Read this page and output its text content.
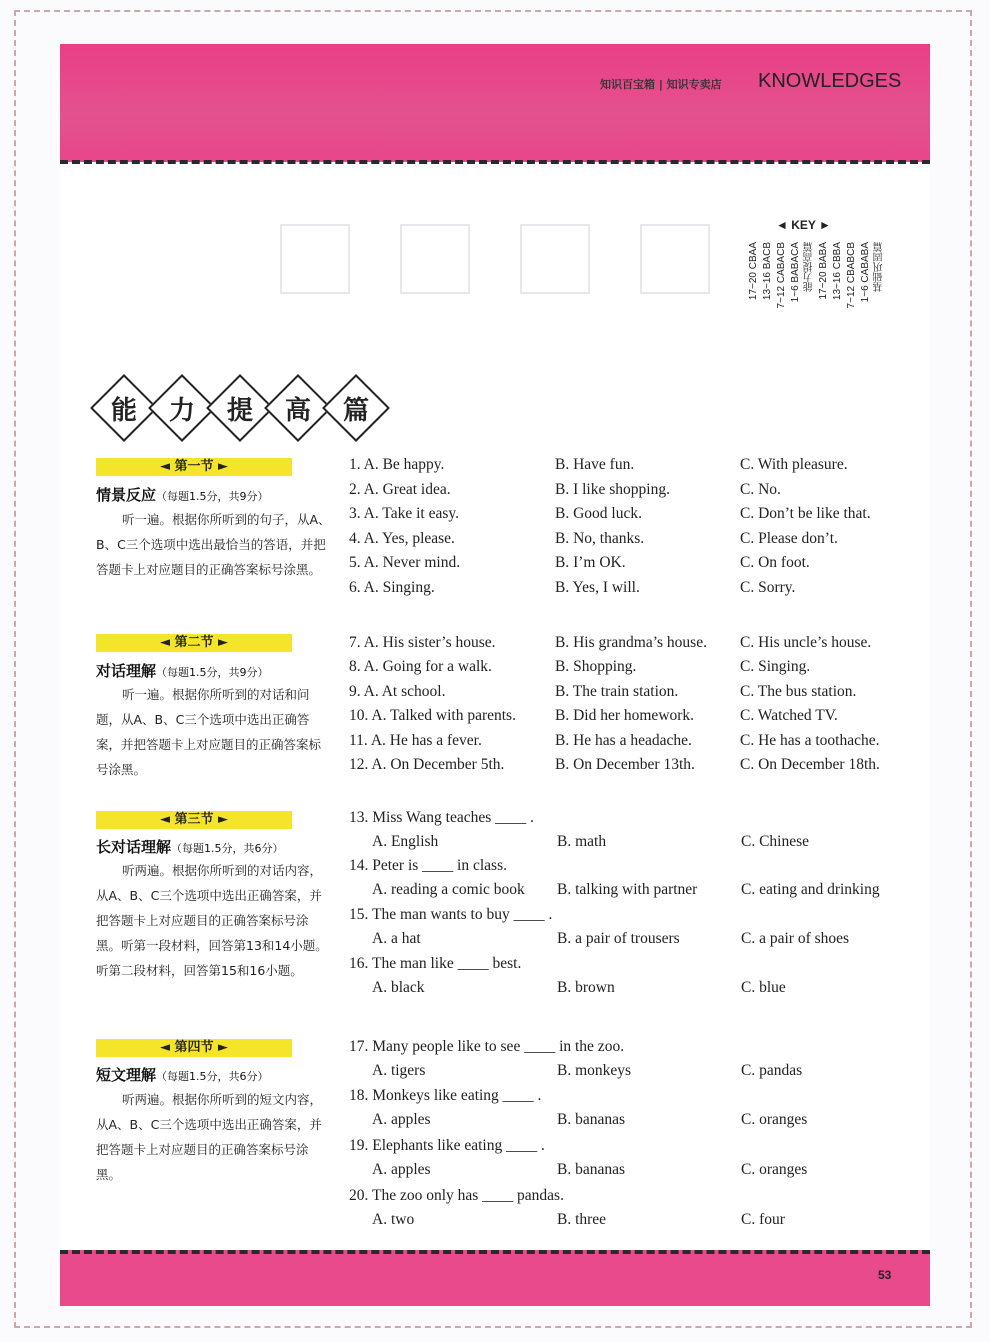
知识百宝箱 | 知识专卖店 KNOWLEDGES
53
◄ KEY ►
基础巩固篇
1~6 CABABA
7~12 CBABCB
13~16 CBBA
17~20 BABA
能力提高篇
1~6 BABACA
7~12 CABACB
13~16 BACB
17~20 CBAA
能	力	提	高	篇
◄ 第一节 ►
情景反应（每题1.5分，共9分）
听一遍。根据你所听到的句子，从A、B、C三个选项中选出最恰当的答语，并把答题卡上对应题目的正确答案标号涂黑。
◄ 第二节 ►
对话理解（每题1.5分，共9分）
听一遍。根据你所听到的对话和问题，从A、B、C三个选项中选出正确答案，并把答题卡上对应题目的正确答案标号涂黑。
◄ 第三节 ►
长对话理解（每题1.5分，共6分）
听两遍。根据你所听到的对话内容，从A、B、C三个选项中选出正确答案，并把答题卡上对应题目的正确答案标号涂黑。听第一段材料，回答第13和14小题。听第二段材料，回答第15和16小题。
◄ 第四节 ►
短文理解（每题1.5分，共6分）
听两遍。根据你所听到的短文内容，从A、B、C三个选项中选出正确答案，并把答题卡上对应题目的正确答案标号涂黑。
1. A. Be happy.	B. Have fun.	C. With pleasure.
2. A. Great idea.	B. I like shopping.	C. No.
3. A. Take it easy.	B. Good luck.	C. Don’t be like that.
4. A. Yes, please.	B. No, thanks.	C. Please don’t.
5. A. Never mind.	B. I’m OK.	C. On foot.
6. A. Singing.	B. Yes, I will.	C. Sorry.
7. A. His sister’s house.	B. His grandma’s house. C. His uncle’s house.
8. A. Going for a walk.	B. Shopping.	C. Singing.
9. A. At school.	B. The train station.	C. The bus station.
10. A. Talked with parents.	B. Did her homework.	C. Watched TV.
11. A. He has a fever.	B. He has a headache.	C. He has a toothache.
12. A. On December 5th.	B. On December 13th.	C. On December 18th.
13. Miss Wang teaches ____ .
A. English	B. math	C. Chinese
14. Peter is ____ in class.
A. reading a comic book B. talking with partner	C. eating and drinking
15. The man wants to buy ____ .
A. a hat	B. a pair of trousers	C. a pair of shoes
16. The man like ____ best.
A. black	B. brown	C. blue
17. Many people like to see ____ in the zoo.
A. tigers	B. monkeys	C. pandas
18. Monkeys like eating ____ .
A. apples	B. bananas	C. oranges
19. Elephants like eating ____ .
A. apples	B. bananas	C. oranges
20. The zoo only has ____ pandas.
A. two	B. three	C. four
